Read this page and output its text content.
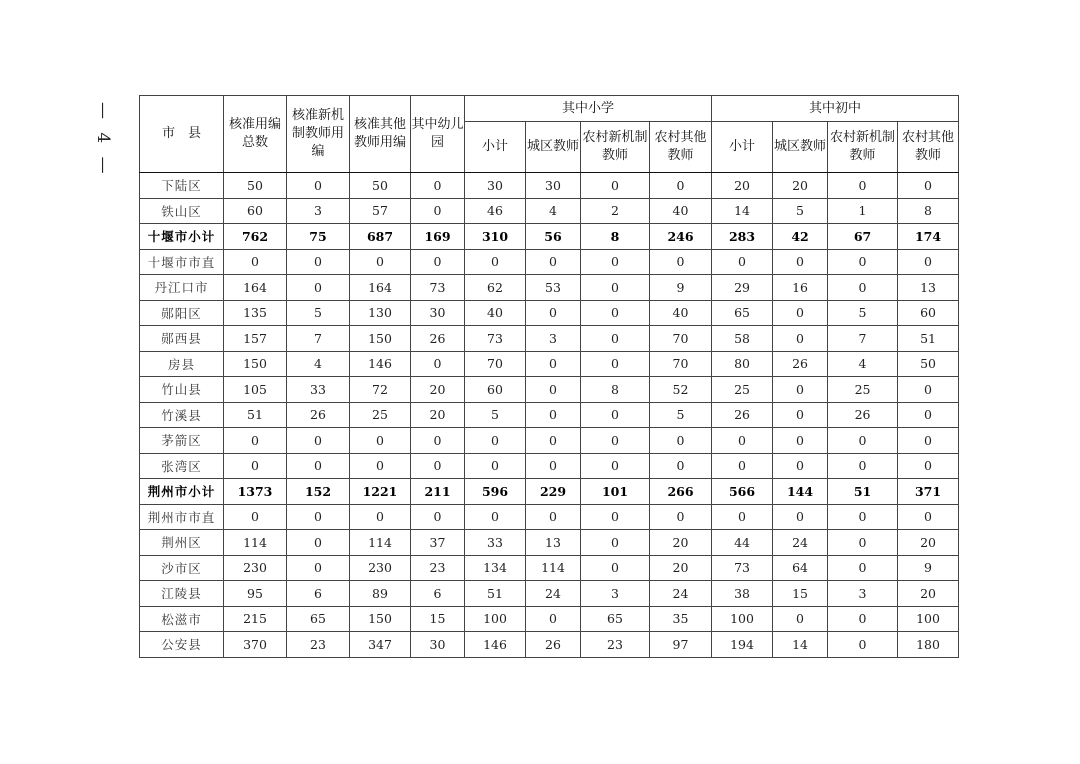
— 4 —	市　县	核准用编总数	核准新机制教师用编	核准其他教师用编	其中幼儿园	其中小学				其中初中			
					小计	城区教师	农村新机制教师	农村其他教师	小计	城区教师	农村新机制教师	农村其他教师
下陆区	50	0	50	0	30	30	0	0	20	20	0	0
铁山区	60	3	57	0	46	4	2	40	14	5	1	8
十堰市小计	762	75	687	169	310	56	8	246	283	42	67	174
十堰市市直	0	0	0	0	0	0	0	0	0	0	0	0
丹江口市	164	0	164	73	62	53	0	9	29	16	0	13
郧阳区	135	5	130	30	40	0	0	40	65	0	5	60
郧西县	157	7	150	26	73	3	0	70	58	0	7	51
房县	150	4	146	0	70	0	0	70	80	26	4	50
竹山县	105	33	72	20	60	0	8	52	25	0	25	0
竹溪县	51	26	25	20	5	0	0	5	26	0	26	0
茅箭区	0	0	0	0	0	0	0	0	0	0	0	0
张湾区	0	0	0	0	0	0	0	0	0	0	0	0
荆州市小计	1373	152	1221	211	596	229	101	266	566	144	51	371
荆州市市直	0	0	0	0	0	0	0	0	0	0	0	0
荆州区	114	0	114	37	33	13	0	20	44	24	0	20
沙市区	230	0	230	23	134	114	0	20	73	64	0	9
江陵县	95	6	89	6	51	24	3	24	38	15	3	20
松滋市	215	65	150	15	100	0	65	35	100	0	0	100
公安县	370	23	347	30	146	26	23	97	194	14	0	180
